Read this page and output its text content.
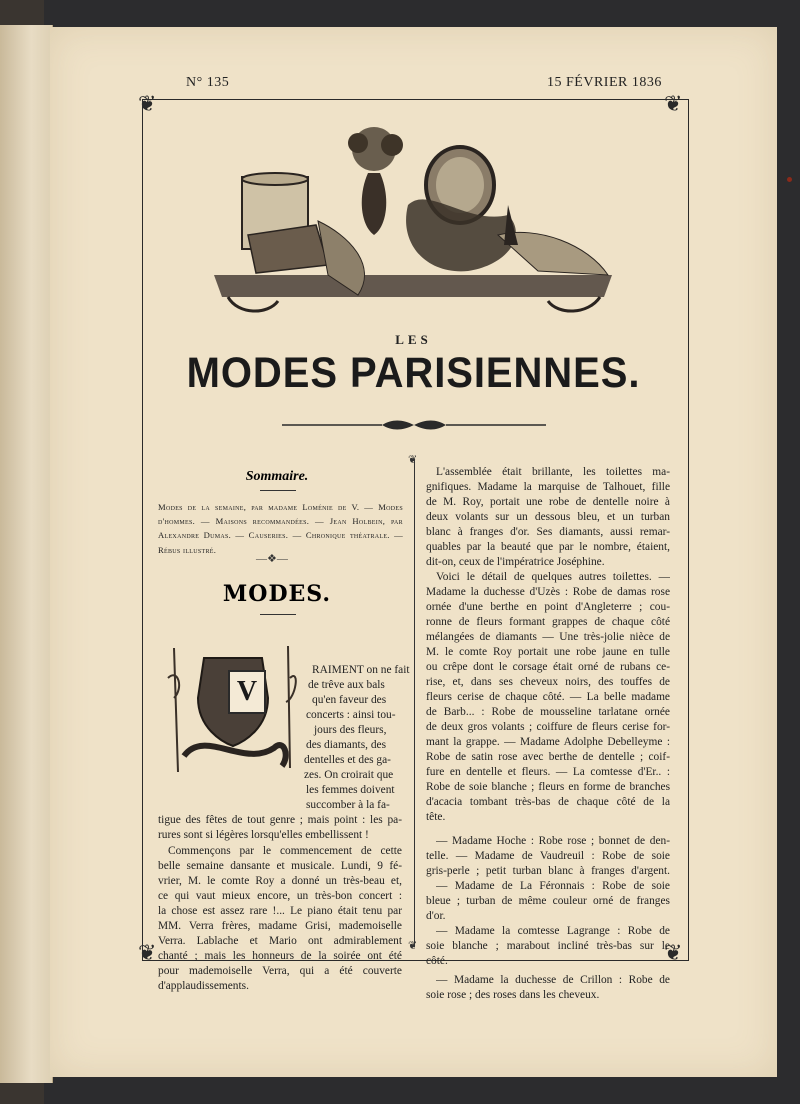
N° 135	15 FÉVRIER 1836
❦	❦
❦	❦
LES
MODES PARISIENNES.
❦
❦
Sommaire.
Modes de la semaine, par madame Loménie de V. — Modes d'hommes. — Maisons recommandées. — Jean Holbein, par Alexandre Dumas. — Causeries. — Chronique théatrale. — Rébus illustré.
—❖—
MODES.
V
RAIMENT on ne fait
de trêve aux bals
qu'en faveur des
concerts : ainsi tou-
jours des fleurs,
des diamants, des
dentelles et des ga-
zes. On croirait que
les femmes doivent
succomber à la fa-
tigue des fêtes de tout genre ; mais point : les pa-
rures sont si légères lorsqu'elles embellissent !
Commençons par le commencement de cette
belle semaine dansante et musicale. Lundi, 9 fé-
vrier, M. le comte Roy a donné un très-beau et,
ce qui vaut mieux encore, un très-bon concert :
la chose est assez rare !... Le piano était tenu par
MM. Verra frères, madame Grisi, mademoiselle
Verra. Lablache et Mario ont admirablement
chanté ; mais les honneurs de la soirée ont été
pour mademoiselle Verra, qui a été couverte
d'applaudissements.
L'assemblée était brillante, les toilettes ma-
gnifiques. Madame la marquise de Talhouet, fille
de M. Roy, portait une robe de dentelle noire à
deux volants sur un dessous bleu, et un turban
blanc à franges d'or. Ses diamants, aussi remar-
quables par la beauté que par le nombre, étaient,
dit-on, ceux de l'impératrice Joséphine.
Voici le détail de quelques autres toilettes. —
Madame la duchesse d'Uzès : Robe de damas rose
ornée d'une berthe en point d'Angleterre ; cou-
ronne de fleurs formant grappes de chaque côté
mélangées de diamants — Une très-jolie nièce de
M. le comte Roy portait une robe jaune en tulle
ou crêpe dont le corsage était orné de rubans ce-
rise, et, dans ses cheveux noirs, des touffes de
fleurs cerise de chaque côté. — La belle madame
de Barb... : Robe de mousseline tarlatane ornée
de deux gros volants ; coiffure de fleurs cerise for-
mant la grappe. — Madame Adolphe Debelleyme :
Robe de satin rose avec berthe de dentelle ; coif-
fure en dentelle et fleurs. — La comtesse d'Er.. :
Robe de soie blanche ; fleurs en forme de branches
d'acacia tombant très-bas de chaque côté de la
tête.
— Madame Hoche : Robe rose ; bonnet de den-
telle. — Madame de Vaudreuil : Robe de soie
gris-perle ; petit turban blanc à franges d'argent.
— Madame de La Féronnais : Robe de soie
bleue ; turban de même couleur orné de franges
d'or.
— Madame la comtesse Lagrange : Robe de
soie blanche ; marabout incliné très-bas sur le
côté.
— Madame la duchesse de Crillon : Robe de
soie rose ; des roses dans les cheveux.
